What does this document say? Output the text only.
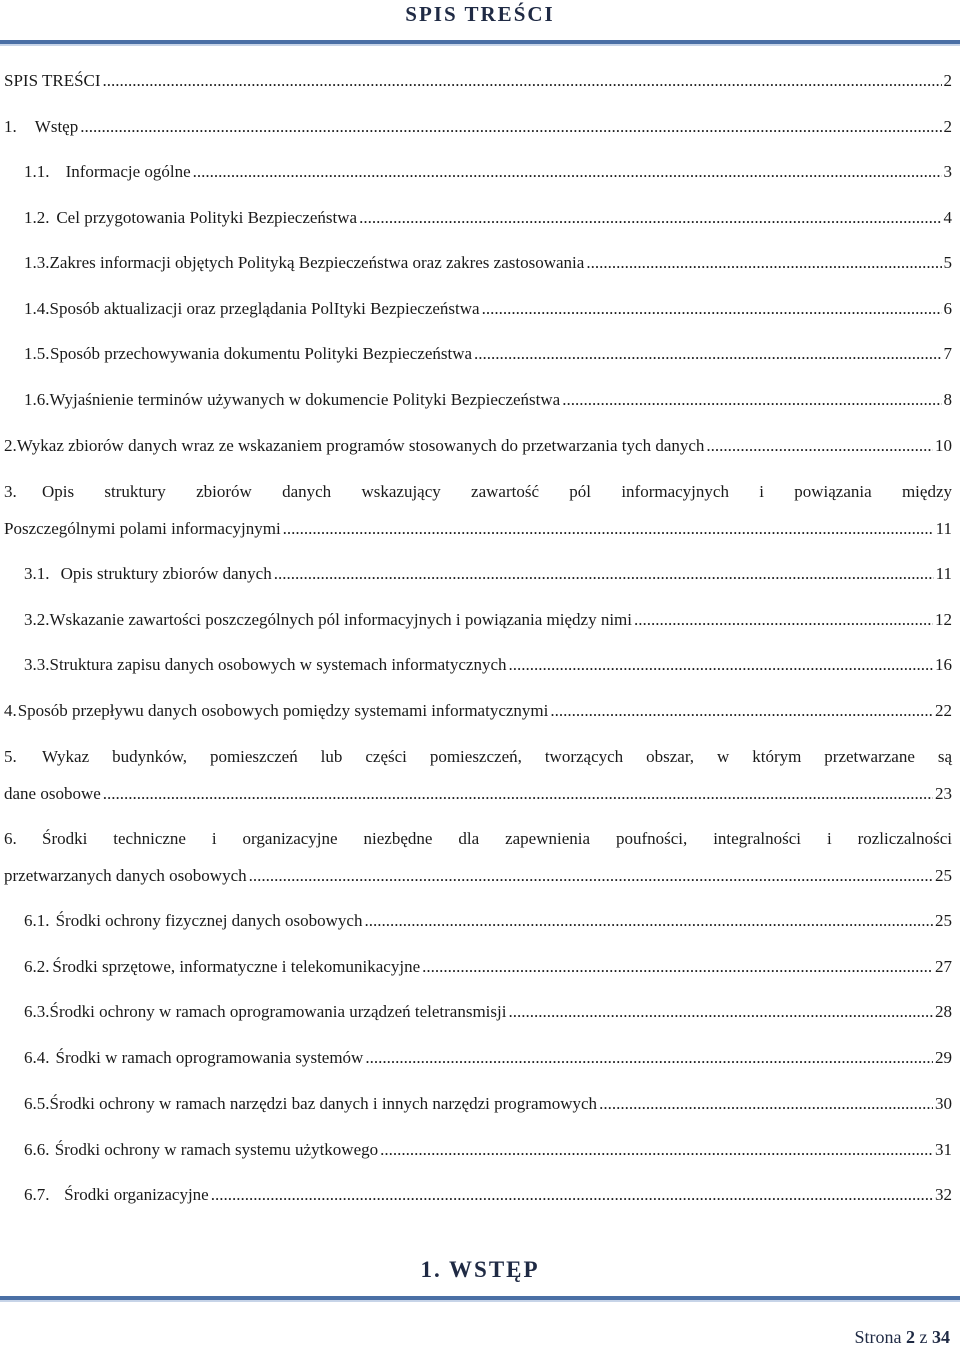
SPIS TREŚCI
SPIS TREŚCI .....	2
1.	Wstęp .....	2
1.1. Informacje ogólne .....	3
1.2. Cel przygotowania Polityki Bezpieczeństwa .....	4
1.3. Zakres informacji objętych Polityką Bezpieczeństwa oraz zakres zastosowania .....	5
1.4. Sposób aktualizacji oraz przeglądania PolItyki Bezpieczeństwa .....	6
1.5. Sposób przechowywania dokumentu Polityki Bezpieczeństwa .....	7
1.6. Wyjaśnienie terminów używanych w dokumencie Polityki Bezpieczeństwa .....	8
2. Wykaz zbiorów danych wraz ze wskazaniem programów stosowanych do przetwarzania tych danych .....	10
3. Opis struktury zbiorów danych wskazujący zawartość pól informacyjnych i powiązania między
Poszczególnymi polami informacyjnymi .....	11
3.1. Opis struktury zbiorów danych .....	11
3.2. Wskazanie zawartości poszczególnych pól informacyjnych i powiązania między nimi .....	12
3.3. Struktura zapisu danych osobowych w systemach informatycznych .....	16
4. Sposób przepływu danych osobowych pomiędzy systemami informatycznymi .....	22
5. Wykaz budynków, pomieszczeń lub części pomieszczeń, tworzących obszar, w którym przetwarzane są
dane osobowe .....	23
6. Środki techniczne i organizacyjne niezbędne dla zapewnienia poufności, integralności i rozliczalności
przetwarzanych danych osobowych .....	25
6.1. Środki ochrony fizycznej danych osobowych .....	25
6.2. Środki sprzętowe, informatyczne i telekomunikacyjne .....	27
6.3. Środki ochrony w ramach oprogramowania urządzeń teletransmisji .....	28
6.4. Środki w ramach oprogramowania systemów .....	29
6.5. Środki ochrony w ramach narzędzi baz danych i innych narzędzi programowych .....	30
6.6. Środki ochrony w ramach systemu użytkowego .....	31
6.7. Środki organizacyjne .....	32
1. WSTĘP
Strona 2 z 34
